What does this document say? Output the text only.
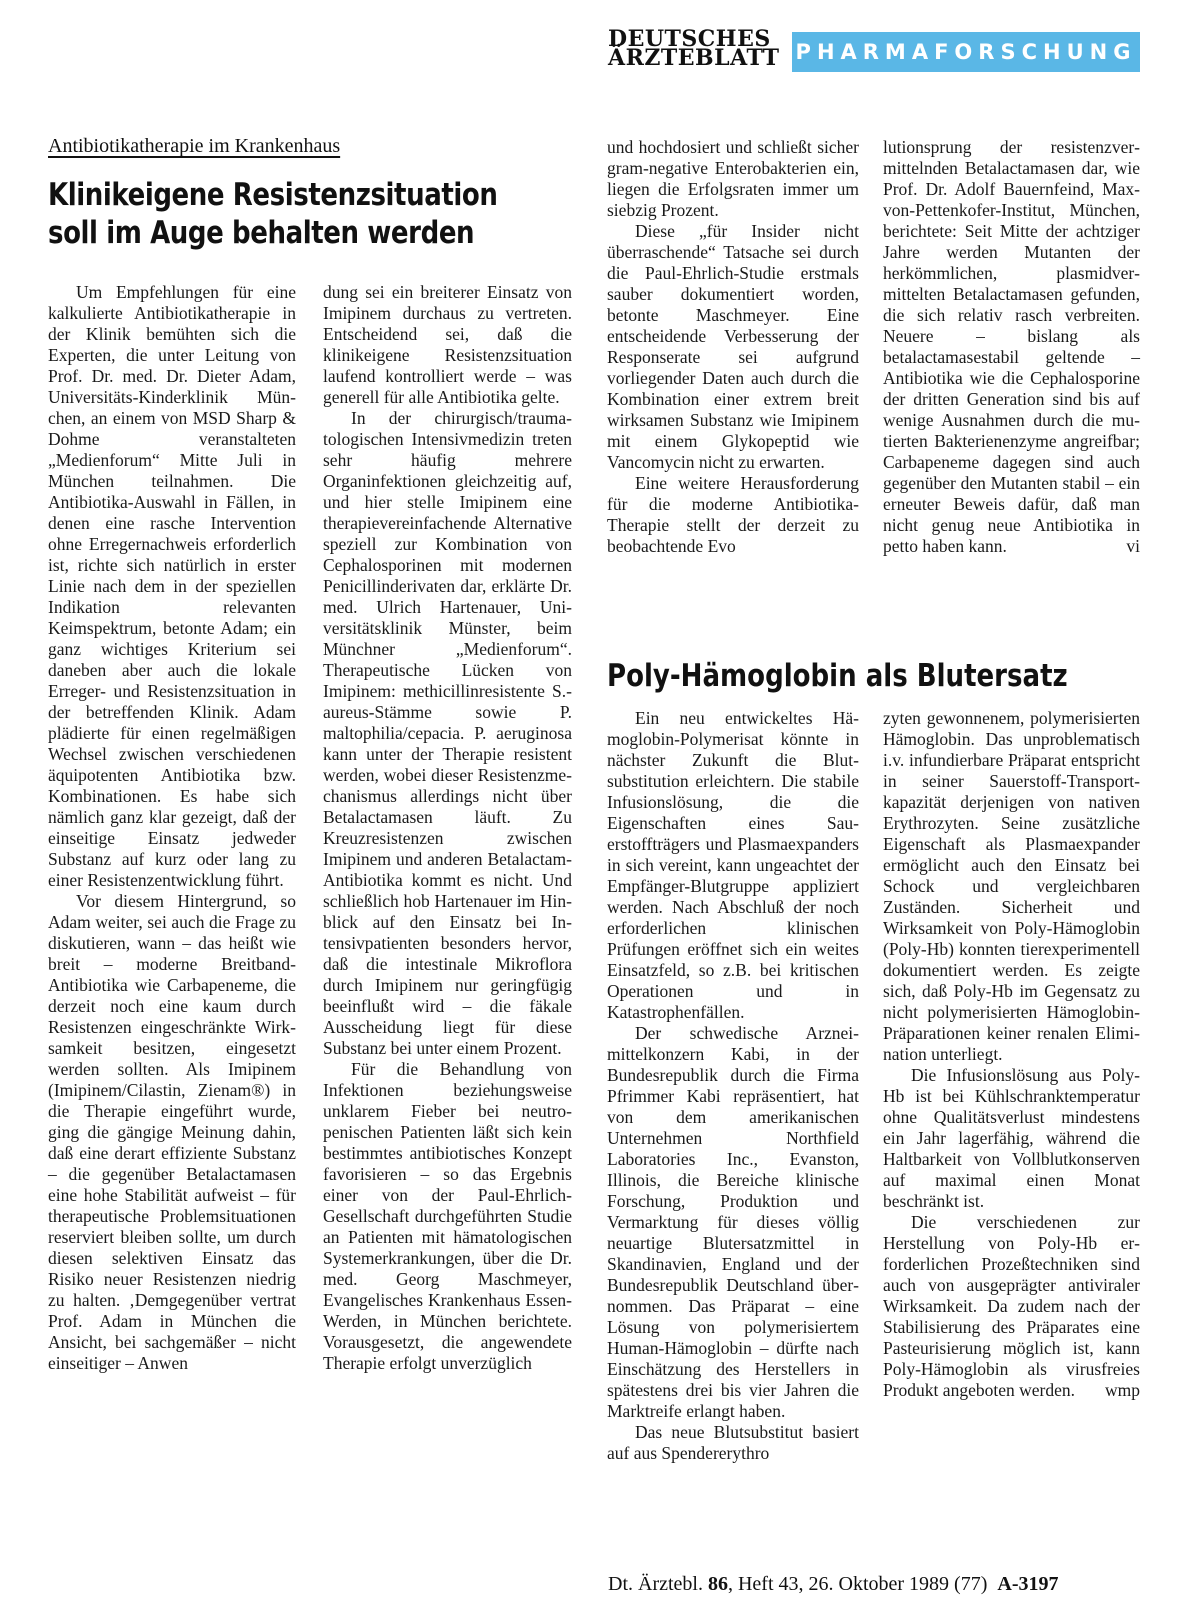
DEUTSCHES
ÄRZTEBLATT PHARMAFORSCHUNG
Antibiotikatherapie im Krankenhaus
Klinikeigene Resistenzsituation
soll im Auge behalten werden

Um Empfehlungen für eine kalkulierte Antibiotikatherapie in der Klinik bemühten sich die Experten, die unter Leitung von Prof. Dr. med. Dr. Dieter Adam, Universitäts-Kinderklinik München, an einem von MSD Sharp & Dohme veranstalteten „Medienforum“ Mitte Juli in München teilnahmen. Die Antibiotika-Auswahl in Fällen, in denen eine rasche Intervention ohne Erregernachweis erforderlich ist, richte sich natürlich in erster Linie nach dem in der speziellen Indikation relevanten Keimspektrum, betonte Adam; ein ganz wichtiges Kriterium sei daneben aber auch die lokale Erreger- und Resistenzsituation in der betreffenden Klinik. Adam plädierte für einen regelmäßigen Wechsel zwischen verschiedenen äquipotenten Antibiotika bzw. Kombinationen. Es habe sich nämlich ganz klar gezeigt, daß der einseitige Einsatz jedweder Substanz auf kurz oder lang zu einer Resistenzentwicklung führt.

Vor diesem Hintergrund, so Adam weiter, sei auch die Frage zu diskutieren, wann – das heißt wie breit – moderne Breitband-Antibiotika wie Carbapeneme, die derzeit noch eine kaum durch Resistenzen eingeschränkte Wirksamkeit besitzen, eingesetzt werden sollten. Als Imipinem (Imipinem/Cilastin, Zienam®) in die Therapie eingeführt wurde, ging die gängige Meinung dahin, daß eine derart effiziente Substanz – die gegenüber Betalactamasen eine hohe Stabilität aufweist – für therapeutische Problemsituationen reserviert bleiben sollte, um durch diesen selektiven Einsatz das Risiko neuer Resistenzen niedrig zu halten. ‚Demgegenüber vertrat Prof. Adam in München die Ansicht, bei sachgemäßer – nicht einseitiger – Anwen

dung sei ein breiterer Einsatz von Imipinem durchaus zu vertreten. Entscheidend sei, daß die klinikeigene Resistenzsituation laufend kontrolliert werde – was generell für alle Antibiotika gelte.

In der chirurgisch/traumatologischen Intensivmedizin treten sehr häufig mehrere Organinfektionen gleichzeitig auf, und hier stelle Imipinem eine therapievereinfachende Alternative speziell zur Kombination von Cephalosporinen mit modernen Penicillinderivaten dar, erklärte Dr. med. Ulrich Hartenauer, Universitätsklinik Münster, beim Münchner „Medienforum“. Therapeutische Lücken von Imipinem: methicillinresistente S.-aureus-Stämme sowie P. maltophilia/cepacia. P. aeruginosa kann unter der Therapie resistent werden, wobei dieser Resistenzmechanismus allerdings nicht über Betalactamasen läuft. Zu Kreuzresistenzen zwischen Imipinem und anderen Betalactam-Antibiotika kommt es nicht. Und schließlich hob Hartenauer im Hinblick auf den Einsatz bei Intensivpatienten besonders hervor, daß die intestinale Mikroflora durch Imipinem nur geringfügig beeinflußt wird – die fäkale Ausscheidung liegt für diese Substanz bei unter einem Prozent.

Für die Behandlung von Infektionen beziehungsweise unklarem Fieber bei neutropenischen Patienten läßt sich kein bestimmtes antibiotisches Konzept favorisieren – so das Ergebnis einer von der Paul-Ehrlich-Gesellschaft durchgeführten Studie an Patienten mit hämatologischen Systemerkrankungen, über die Dr. med. Georg Maschmeyer, Evangelisches Krankenhaus Essen-Werden, in München berichtete. Vorausgesetzt, die angewendete Therapie erfolgt unverzüglich

und hochdosiert und schließt sicher gram-negative Enterobakterien ein, liegen die Erfolgsraten immer um siebzig Prozent.

Diese „für Insider nicht überraschende“ Tatsache sei durch die Paul-Ehrlich-Studie erstmals sauber dokumentiert worden, betonte Maschmeyer. Eine entscheidende Verbesserung der Responserate sei aufgrund vorliegender Daten auch durch die Kombination einer extrem breit wirksamen Substanz wie Imipinem mit einem Glykopeptid wie Vancomycin nicht zu erwarten.

Eine weitere Herausforderung für die moderne Antibiotika-Therapie stellt der derzeit zu beobachtende Evo

lutionsprung der resistenzvermittelnden Betalactamasen dar, wie Prof. Dr. Adolf Bauernfeind, Max-von-Pettenkofer-Institut, München, berichtete: Seit Mitte der achtziger Jahre werden Mutanten der herkömmlichen, plasmidvermittelten Betalactamasen gefunden, die sich relativ rasch verbreiten. Neuere – bislang als betalactamasestabil geltende – Antibiotika wie die Cephalosporine der dritten Generation sind bis auf wenige Ausnahmen durch die mutierten Bakterienenzyme angreifbar; Carbapeneme dagegen sind auch gegenüber den Mutanten stabil – ein erneuter Beweis dafür, daß man nicht genug neue Antibiotika in petto haben kann.	vi

Poly-Hämoglobin als Blutersatz

Ein neu entwickeltes Hämoglobin-Polymerisat könnte in nächster Zukunft die Blutsubstitution erleichtern. Die stabile Infusionslösung, die die Eigenschaften eines Sauerstoffträgers und Plasmaexpanders in sich vereint, kann ungeachtet der Empfänger-Blutgruppe appliziert werden. Nach Abschluß der noch erforderlichen klinischen Prüfungen eröffnet sich ein weites Einsatzfeld, so z.B. bei kritischen Operationen und in Katastrophenfällen.

Der schwedische Arzneimittelkonzern Kabi, in der Bundesrepublik durch die Firma Pfrimmer Kabi repräsentiert, hat von dem amerikanischen Unternehmen Northfield Laboratories Inc., Evanston, Illinois, die Bereiche klinische Forschung, Produktion und Vermarktung für dieses völlig neuartige Blutersatzmittel in Skandinavien, England und der Bundesrepublik Deutschland übernommen. Das Präparat – eine Lösung von polymerisiertem Human-Hämoglobin – dürfte nach Einschätzung des Herstellers in spätestens drei bis vier Jahren die Marktreife erlangt haben.

Das neue Blutsubstitut basiert auf aus Spendererythro

zyten gewonnenem, polymerisierten Hämoglobin. Das unproblematisch i.v. infundierbare Präparat entspricht in seiner Sauerstoff-Transportkapazität derjenigen von nativen Erythrozyten. Seine zusätzliche Eigenschaft als Plasmaexpander ermöglicht auch den Einsatz bei Schock und vergleichbaren Zuständen. Sicherheit und Wirksamkeit von Poly-Hämoglobin (Poly-Hb) konnten tierexperimentell dokumentiert werden. Es zeigte sich, daß Poly-Hb im Gegensatz zu nicht polymerisierten Hämoglobin-Präparationen keiner renalen Elimination unterliegt.

Die Infusionslösung aus Poly-Hb ist bei Kühlschranktemperatur ohne Qualitätsverlust mindestens ein Jahr lagerfähig, während die Haltbarkeit von Vollblutkonserven auf maximal einen Monat beschränkt ist.

Die verschiedenen zur Herstellung von Poly-Hb erforderlichen Prozeßtechniken sind auch von ausgeprägter antiviraler Wirksamkeit. Da zudem nach der Stabilisierung des Präparates eine Pasteurisierung möglich ist, kann Poly-Hämoglobin als virusfreies Produkt angeboten werden.	wmp

Dt. Ärztebl. 86, Heft 43, 26. Oktober 1989 (77) A-3197
